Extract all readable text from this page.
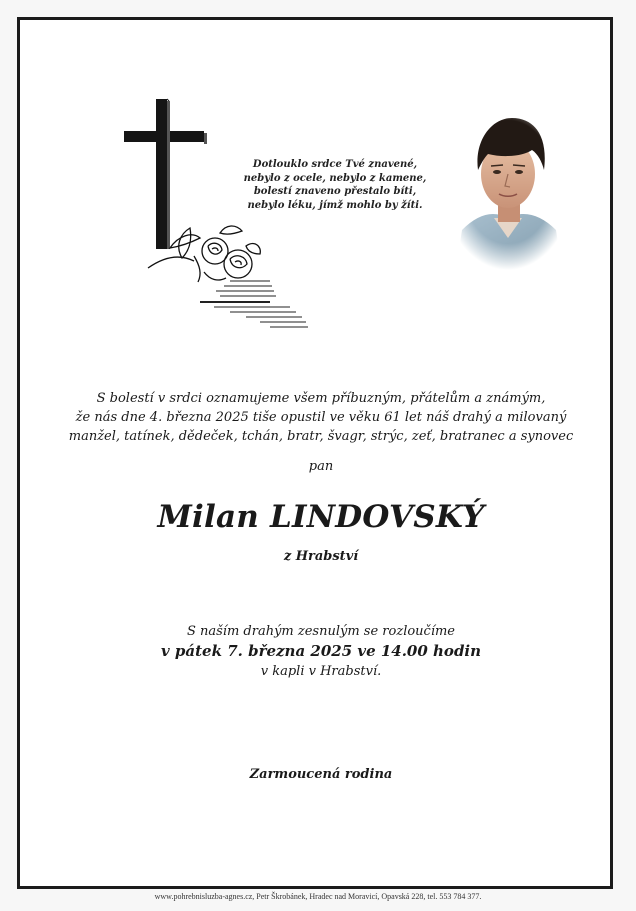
Dotlouklo srdce Tvé znavené,
nebylo z ocele, nebylo z kamene,
bolestí znaveno přestalo bíti,
nebylo léku, jímž mohlo by žíti.
S bolestí v srdci oznamujeme všem příbuzným, přátelům a známým,
že nás dne 4. března 2025 tiše opustil ve věku 61 let náš drahý a milovaný
manžel, tatínek, dědeček, tchán, bratr, švagr, strýc, zeť, bratranec a synovec
pan
Milan LINDOVSKÝ
z Hrabství
S naším drahým zesnulým se rozloučíme
v pátek 7. března 2025 ve 14.00 hodin
v kapli v Hrabství.
Zarmoucená rodina
www.pohrebnisluzba-agnes.cz, Petr Škrobánek, Hradec nad Moravicí, Opavská 228, tel. 553 784 377.
